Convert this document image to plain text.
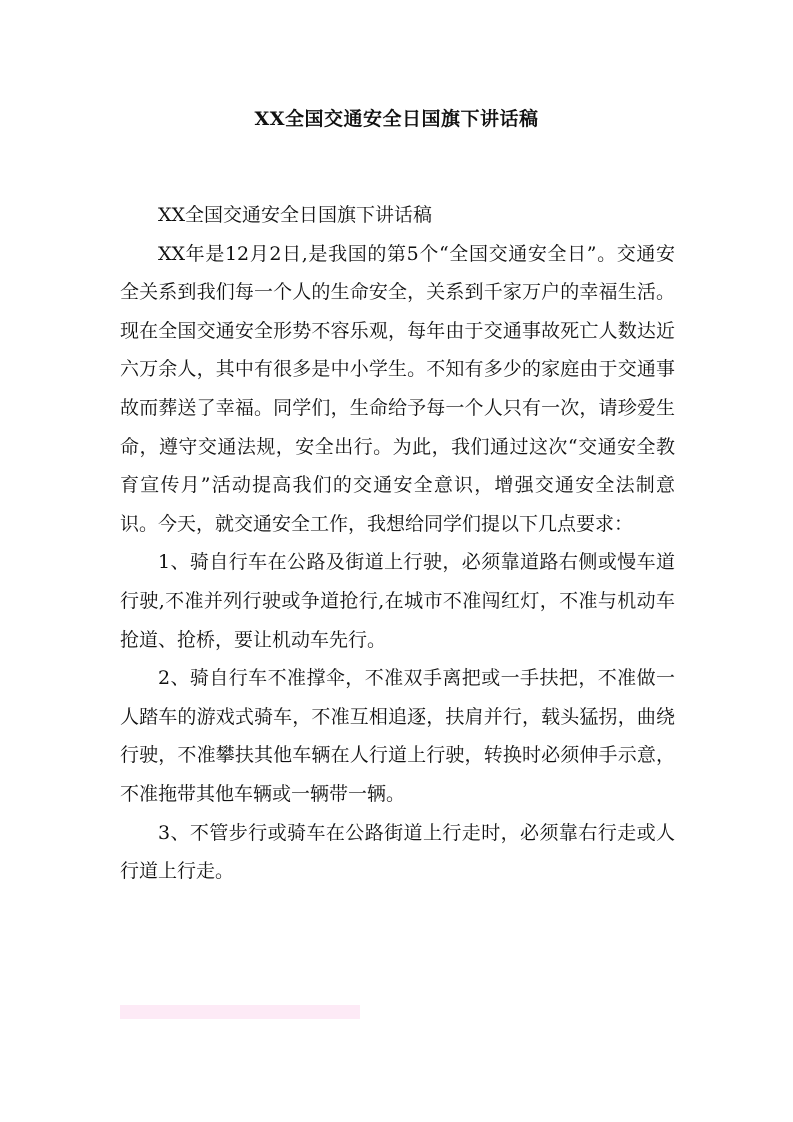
XX全国交通安全日国旗下讲话稿

XX全国交通安全日国旗下讲话稿

XX年是12月2日,是我国的第5个“全国交通安全日”。交通安全关系到我们每一个人的生命安全，关系到千家万户的幸福生活。现在全国交通安全形势不容乐观，每年由于交通事故死亡人数达近六万余人，其中有很多是中小学生。不知有多少的家庭由于交通事故而葬送了幸福。同学们，生命给予每一个人只有一次，请珍爱生命，遵守交通法规，安全出行。为此，我们通过这次“交通安全教育宣传月”活动提高我们的交通安全意识，增强交通安全法制意识。今天，就交通安全工作，我想给同学们提以下几点要求：

1、骑自行车在公路及街道上行驶，必须靠道路右侧或慢车道行驶,不准并列行驶或争道抢行,在城市不准闯红灯，不准与机动车抢道、抢桥，要让机动车先行。

2、骑自行车不准撑伞，不准双手离把或一手扶把，不准做一人踏车的游戏式骑车，不准互相追逐，扶肩并行，载头猛拐，曲绕行驶，不准攀扶其他车辆在人行道上行驶，转换时必须伸手示意，不准拖带其他车辆或一辆带一辆。

3、不管步行或骑车在公路街道上行走时，必须靠右行走或人行道上行走。
